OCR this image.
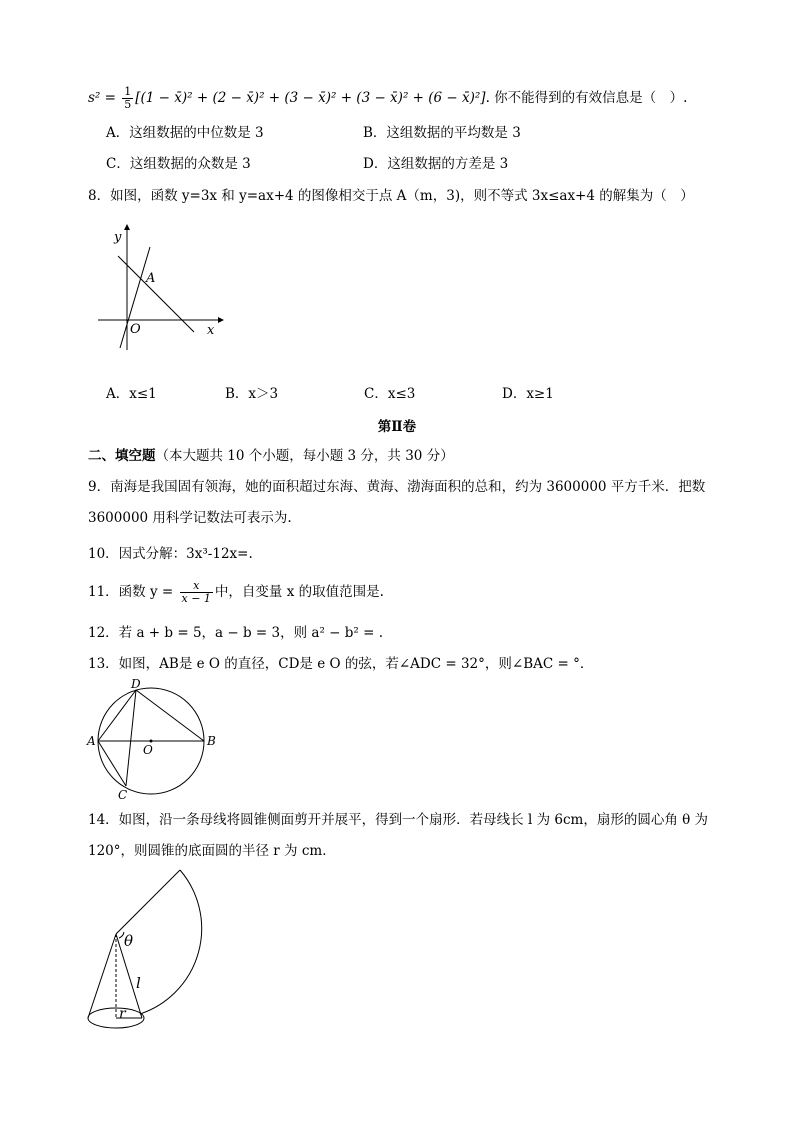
$s^2 = \frac{1}{5} [(1$ − x̄)² + (2 − x̄)² + (3 − x̄)² + (3 − x̄)² + (6 − x̄)²]. 你不能得到的有效信息是（　）.
A．这组数据的中位数是 3	B．这组数据的平均数是 3
C．这组数据的众数是 3	D．这组数据的方差是 3
8．如图，函数 y=3x 和 y=ax+4 的图像相交于点 A（m，3)，则不等式 3x≤ax+4 的解集为（　）
y
x
O
A
A．x≤1	B．x＞3	C．x≤3	D．x≥1
第Ⅱ卷
二、填空题（本大题共 10 个小题，每小题 3 分，共 30 分）
9．南海是我国固有领海，她的面积超过东海、黄海、渤海面积的总和，约为 3600000 平方千米．把数
3600000 用科学记数法可表示为.
10．因式分解：3x³-12x=.
11．函数 $y = \frac{x}{x - 1}$ 中，自变量 x 的取值范围是.
12．若 a + b = 5，a − b = 3，则 a² − b² = .
13．如图，AB是 e O 的直径，CD是 e O 的弦，若∠ADC = 32°，则∠BAC = °．
D
A	B
O
C
14．如图，沿一条母线将圆锥侧面剪开并展平，得到一个扇形．若母线长 l 为 6cm，扇形的圆心角 θ 为
120°，则圆锥的底面圆的半径 r 为 cm．
θ
l
r
